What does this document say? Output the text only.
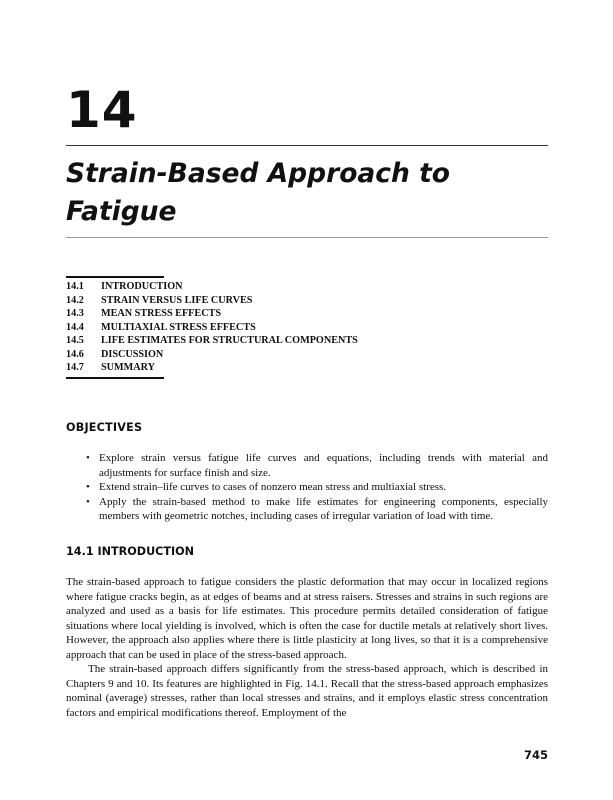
14
Strain-Based Approach to Fatigue
14.1	INTRODUCTION
14.2	STRAIN VERSUS LIFE CURVES
14.3	MEAN STRESS EFFECTS
14.4	MULTIAXIAL STRESS EFFECTS
14.5	LIFE ESTIMATES FOR STRUCTURAL COMPONENTS
14.6	DISCUSSION
14.7	SUMMARY
OBJECTIVES
• Explore strain versus fatigue life curves and equations, including trends with material and adjustments for surface finish and size.
• Extend strain–life curves to cases of nonzero mean stress and multiaxial stress.
• Apply the strain-based method to make life estimates for engineering components, especially members with geometric notches, including cases of irregular variation of load with time.
14.1 INTRODUCTION

The strain-based approach to fatigue considers the plastic deformation that may occur in localized regions where fatigue cracks begin, as at edges of beams and at stress raisers. Stresses and strains in such regions are analyzed and used as a basis for life estimates. This procedure permits detailed consideration of fatigue situations where local yielding is involved, which is often the case for ductile metals at relatively short lives. However, the approach also applies where there is little plasticity at long lives, so that it is a comprehensive approach that can be used in place of the stress-based approach.

The strain-based approach differs significantly from the stress-based approach, which is described in Chapters 9 and 10. Its features are highlighted in Fig. 14.1. Recall that the stress-based approach emphasizes nominal (average) stresses, rather than local stresses and strains, and it employs elastic stress concentration factors and empirical modifications thereof. Employment of the

745
